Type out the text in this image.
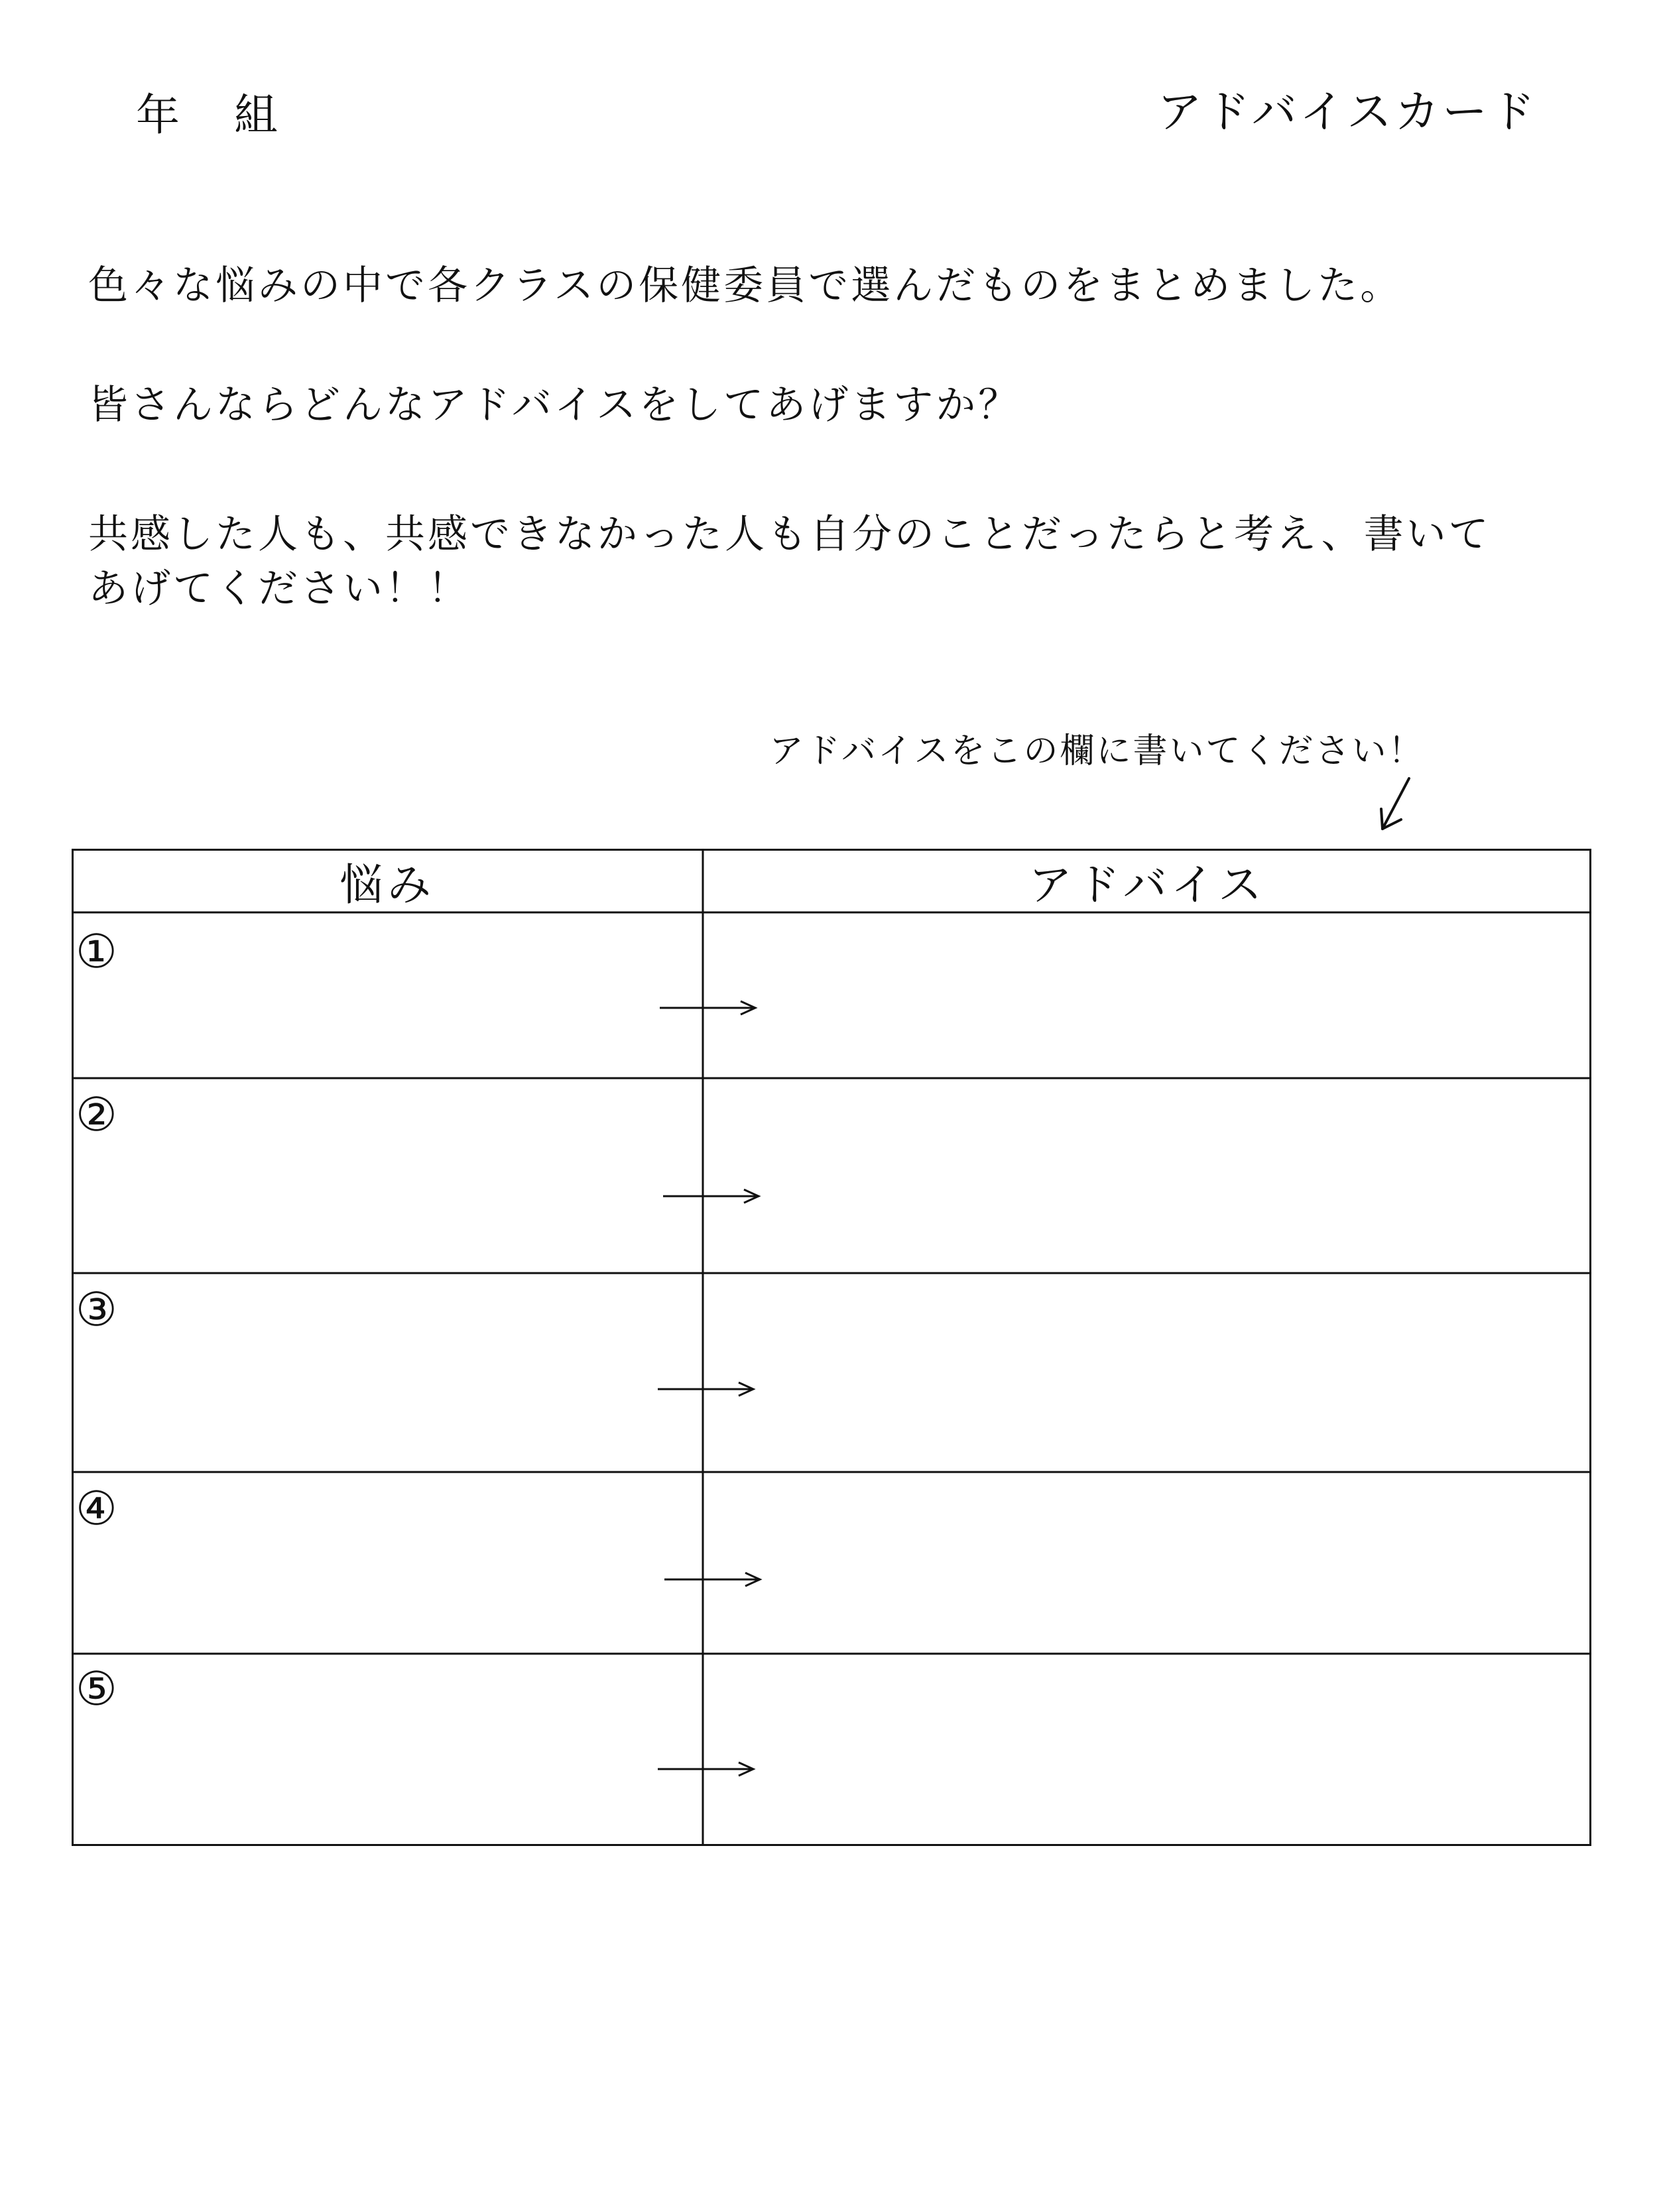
年 組	アドバイスカード
色々な悩みの中で各クラスの保健委員で選んだものをまとめました。
皆さんならどんなアドバイスをしてあげますか？
共感した人も、共感できなかった人も自分のことだったらと考え、書いて
あげてください！！
アドバイスをこの欄に書いてください！
悩み	アドバイス
①
②
③
④
⑤
